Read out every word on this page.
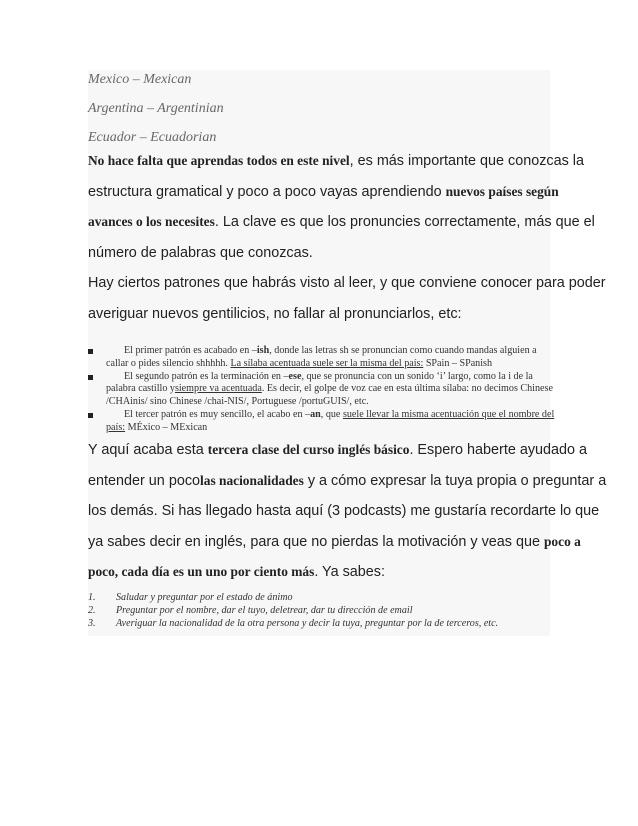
Mexico – Mexican
Argentina – Argentinian
Ecuador – Ecuadorian
No hace falta que aprendas todos en este nivel, es más importante que conozcas la
estructura gramatical y poco a poco vayas aprendiendo nuevos países según
avances o los necesites. La clave es que los pronuncies correctamente, más que el
número de palabras que conozcas.
Hay ciertos patrones que habrás visto al leer, y que conviene conocer para poder
averiguar nuevos gentilicios, no fallar al pronunciarlos, etc:
El primer patrón es acabado en –ish, donde las letras sh se pronuncian como cuando mandas alguien a callar o pides silencio shhhhh. La sílaba acentuada suele ser la misma del país: SPain – SPanish
El segundo patrón es la terminación en –ese, que se pronuncia con un sonido ‘i’ largo, como la i de la palabra castillo ysiempre va acentuada. Es decir, el golpe de voz cae en esta última sílaba: no decimos Chinese /CHAinis/ sino Chinese /chai-NIS/, Portuguese /portuGUIS/, etc.
El tercer patrón es muy sencillo, el acabo en –an, que suele llevar la misma acentuación que el nombre del país: MÉxico – MExican
Y aquí acaba esta tercera clase del curso inglés básico. Espero haberte ayudado a
entender un pocolas nacionalidades y a cómo expresar la tuya propia o preguntar a
los demás. Si has llegado hasta aquí (3 podcasts) me gustaría recordarte lo que
ya sabes decir en inglés, para que no pierdas la motivación y veas que poco a
poco, cada día es un uno por ciento más. Ya sabes:
1.	Saludar y preguntar por el estado de ánimo
2.	Preguntar por el nombre, dar el tuyo, deletrear, dar tu dirección de email
3.	Averiguar la nacionalidad de la otra persona y decir la tuya, preguntar por la de terceros, etc.
